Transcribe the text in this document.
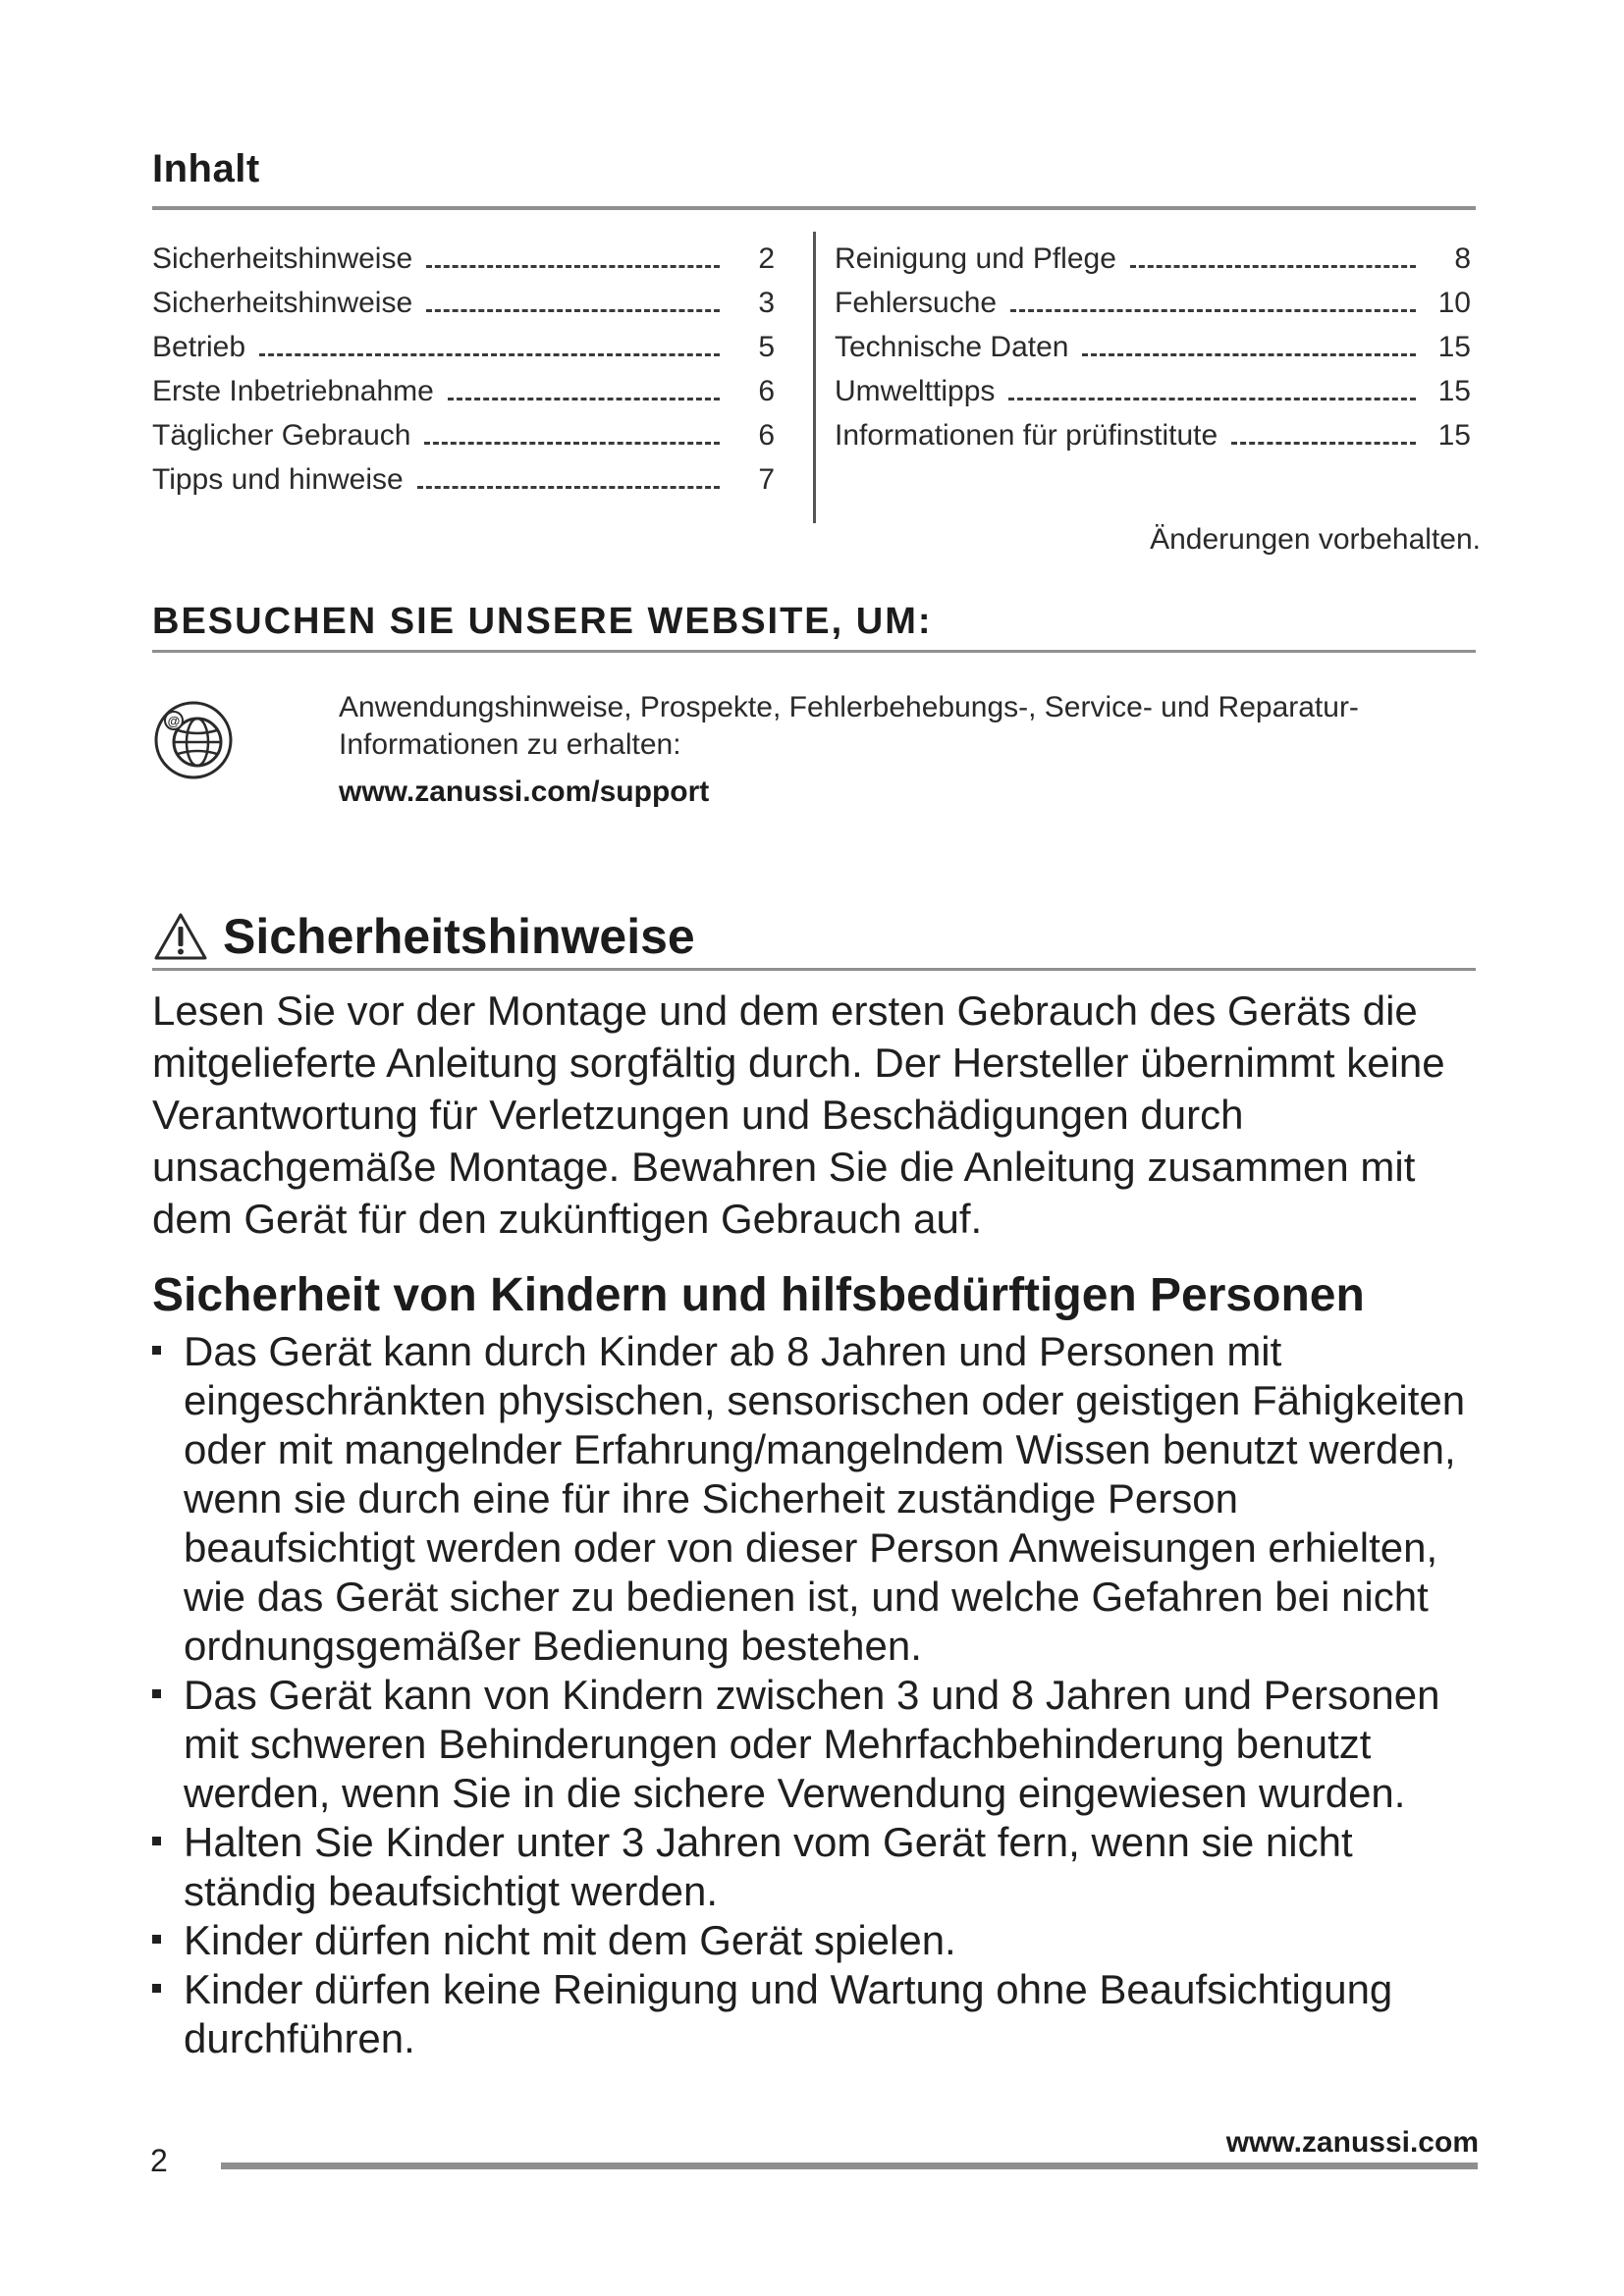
Inhalt
Sicherheitshinweise	2
Sicherheitshinweise	3
Betrieb	5
Erste Inbetriebnahme	6
Täglicher Gebrauch	6
Tipps und hinweise	7
Reinigung und Pflege	8
Fehlersuche	10
Technische Daten	15
Umwelttipps	15
Informationen für prüfinstitute	15
Änderungen vorbehalten.
BESUCHEN SIE UNSERE WEBSITE, UM:
@	Anwendungshinweise, Prospekte, Fehlerbehebungs-, Service- und Reparatur-Informationen zu erhalten:
www.zanussi.com/support
Sicherheitshinweise
Lesen Sie vor der Montage und dem ersten Gebrauch des Geräts die mitgelieferte Anleitung sorgfältig durch. Der Hersteller übernimmt keine Verantwortung für Verletzungen und Beschädigungen durch unsachgemäße Montage. Bewahren Sie die Anleitung zusammen mit dem Gerät für den zukünftigen Gebrauch auf.
Sicherheit von Kindern und hilfsbedürftigen Personen
Das Gerät kann durch Kinder ab 8 Jahren und Personen mit eingeschränkten physischen, sensorischen oder geistigen Fähigkeiten oder mit mangelnder Erfahrung/mangelndem Wissen benutzt werden, wenn sie durch eine für ihre Sicherheit zuständige Person beaufsichtigt werden oder von dieser Person Anweisungen erhielten, wie das Gerät sicher zu bedienen ist, und welche Gefahren bei nicht ordnungsgemäßer Bedienung bestehen.
Das Gerät kann von Kindern zwischen 3 und 8 Jahren und Personen mit schweren Behinderungen oder Mehrfachbehinderung benutzt werden, wenn Sie in die sichere Verwendung eingewiesen wurden.
Halten Sie Kinder unter 3 Jahren vom Gerät fern, wenn sie nicht ständig beaufsichtigt werden.
Kinder dürfen nicht mit dem Gerät spielen.
Kinder dürfen keine Reinigung und Wartung ohne Beaufsichtigung durchführen.
2
www.zanussi.com
